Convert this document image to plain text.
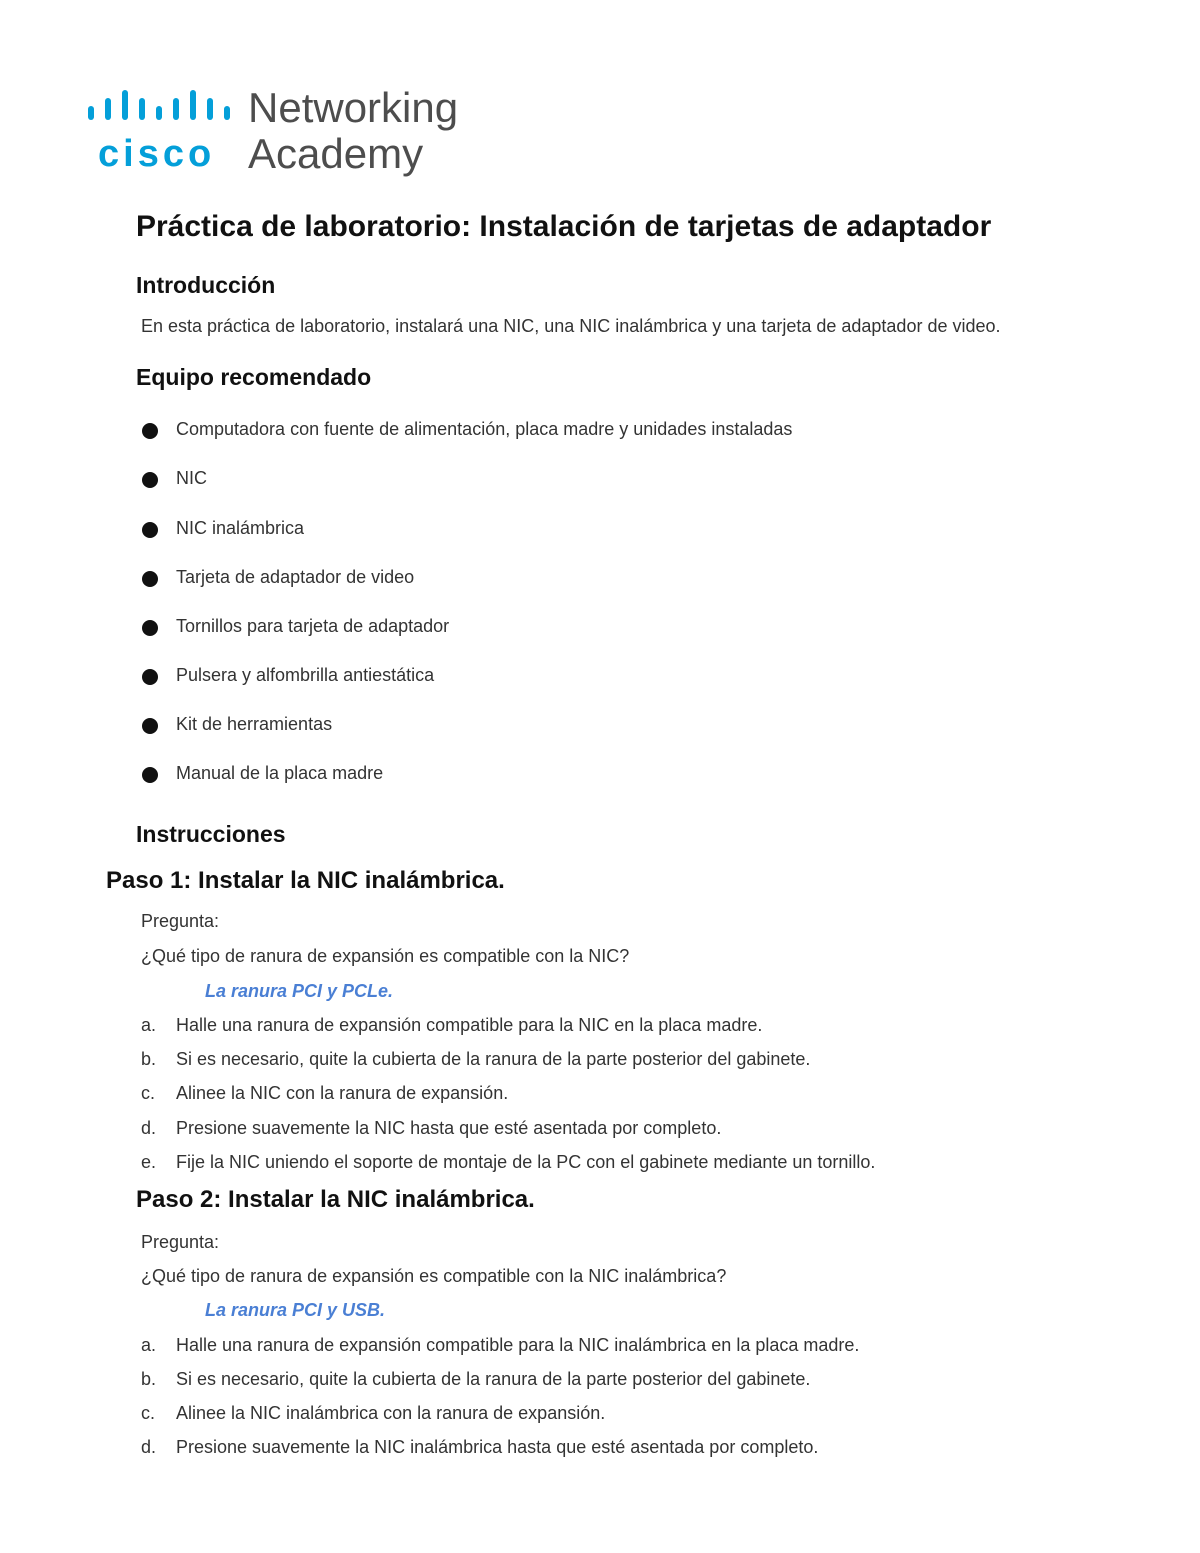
cisco
Networking
Academy
Práctica de laboratorio: Instalación de tarjetas de adaptador
Introducción
En esta práctica de laboratorio, instalará una NIC, una NIC inalámbrica y una tarjeta de adaptador de video.
Equipo recomendado
Computadora con fuente de alimentación, placa madre y unidades instaladas
NIC
NIC inalámbrica
Tarjeta de adaptador de video
Tornillos para tarjeta de adaptador
Pulsera y alfombrilla antiestática
Kit de herramientas
Manual de la placa madre
Instrucciones
Paso 1: Instalar la NIC inalámbrica.
Pregunta:
¿Qué tipo de ranura de expansión es compatible con la NIC?
La ranura PCI y PCLe.
a. Halle una ranura de expansión compatible para la NIC en la placa madre.
b. Si es necesario, quite la cubierta de la ranura de la parte posterior del gabinete.
c. Alinee la NIC con la ranura de expansión.
d. Presione suavemente la NIC hasta que esté asentada por completo.
e. Fije la NIC uniendo el soporte de montaje de la PC con el gabinete mediante un tornillo.
Paso 2: Instalar la NIC inalámbrica.
Pregunta:
¿Qué tipo de ranura de expansión es compatible con la NIC inalámbrica?
La ranura PCI y USB.
a. Halle una ranura de expansión compatible para la NIC inalámbrica en la placa madre.
b. Si es necesario, quite la cubierta de la ranura de la parte posterior del gabinete.
c. Alinee la NIC inalámbrica con la ranura de expansión.
d. Presione suavemente la NIC inalámbrica hasta que esté asentada por completo.
